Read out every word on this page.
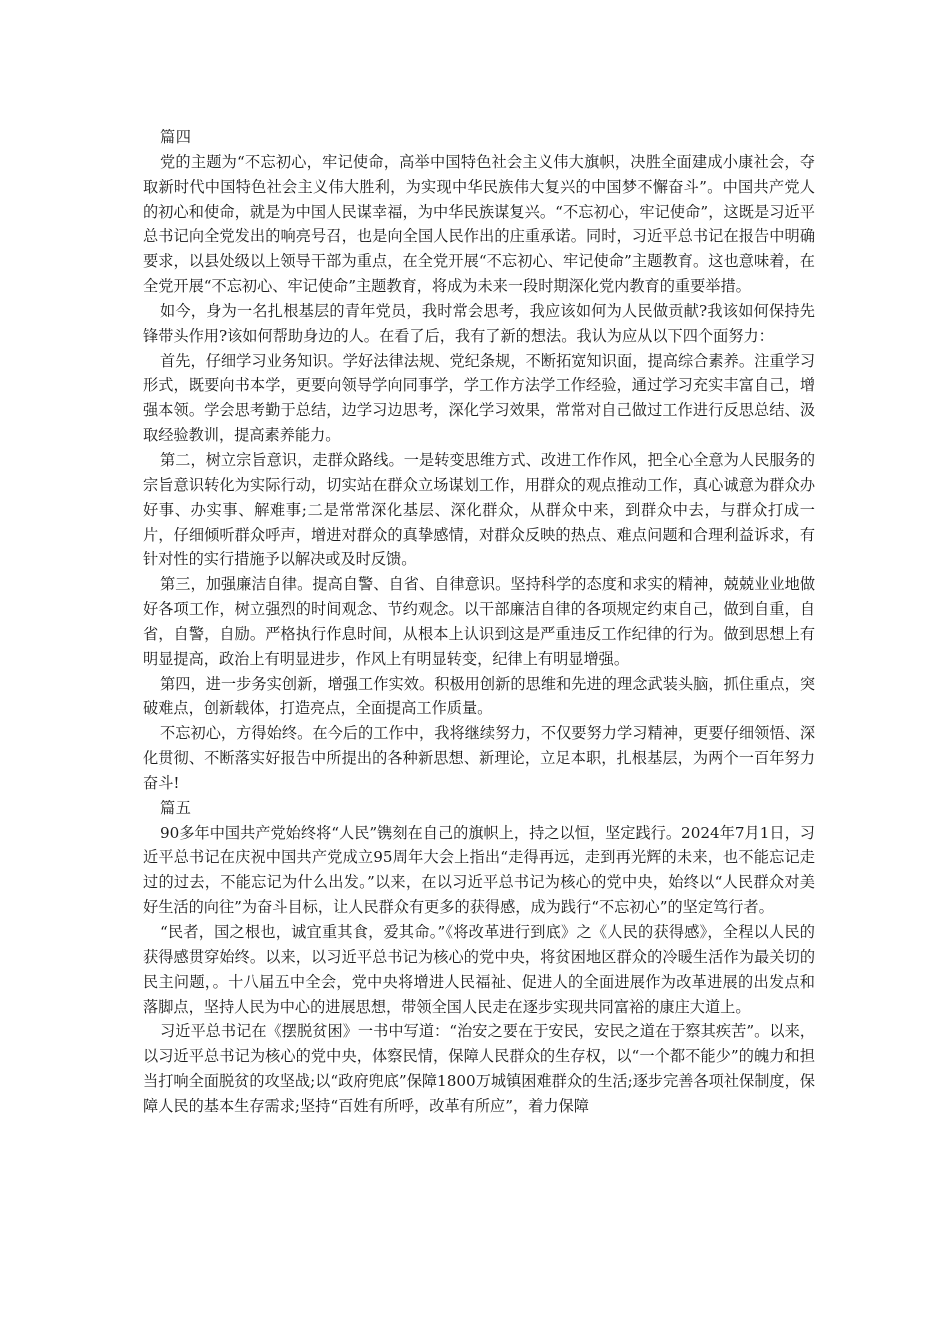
篇四

党的主题为“不忘初心，牢记使命，高举中国特色社会主义伟大旗帜，决胜全面建成小康社会，夺取新时代中国特色社会主义伟大胜利，为实现中华民族伟大复兴的中国梦不懈奋斗”。中国共产党人的初心和使命，就是为中国人民谋幸福，为中华民族谋复兴。“不忘初心，牢记使命”，这既是习近平总书记向全党发出的响亮号召，也是向全国人民作出的庄重承诺。同时，习近平总书记在报告中明确要求，以县处级以上领导干部为重点，在全党开展“不忘初心、牢记使命”主题教育。这也意味着，在全党开展“不忘初心、牢记使命”主题教育，将成为未来一段时期深化党内教育的重要举措。

如今，身为一名扎根基层的青年党员，我时常会思考，我应该如何为人民做贡献?我该如何保持先锋带头作用?该如何帮助身边的人。在看了后，我有了新的想法。我认为应从以下四个面努力：

首先，仔细学习业务知识。学好法律法规、党纪条规，不断拓宽知识面，提高综合素养。注重学习形式，既要向书本学，更要向领导学向同事学，学工作方法学工作经验，通过学习充实丰富自己，增强本领。学会思考勤于总结，边学习边思考，深化学习效果，常常对自己做过工作进行反思总结、汲取经验教训，提高素养能力。

第二，树立宗旨意识，走群众路线。一是转变思维方式、改进工作作风，把全心全意为人民服务的宗旨意识转化为实际行动，切实站在群众立场谋划工作，用群众的观点推动工作，真心诚意为群众办好事、办实事、解难事;二是常常深化基层、深化群众，从群众中来，到群众中去，与群众打成一片，仔细倾听群众呼声，增进对群众的真挚感情，对群众反映的热点、难点问题和合理利益诉求，有针对性的实行措施予以解决或及时反馈。

第三，加强廉洁自律。提高自警、自省、自律意识。坚持科学的态度和求实的精神，兢兢业业地做好各项工作，树立强烈的时间观念、节约观念。以干部廉洁自律的各项规定约束自己，做到自重，自省，自警，自励。严格执行作息时间，从根本上认识到这是严重违反工作纪律的行为。做到思想上有明显提高，政治上有明显进步，作风上有明显转变，纪律上有明显增强。

第四，进一步务实创新，增强工作实效。积极用创新的思维和先进的理念武装头脑，抓住重点，突破难点，创新载体，打造亮点，全面提高工作质量。

不忘初心，方得始终。在今后的工作中，我将继续努力，不仅要努力学习精神，更要仔细领悟、深化贯彻、不断落实好报告中所提出的各种新思想、新理论，立足本职，扎根基层，为两个一百年努力奋斗!

篇五

90多年中国共产党始终将“人民”镌刻在自己的旗帜上，持之以恒，坚定践行。2024年7月1日，习近平总书记在庆祝中国共产党成立95周年大会上指出“走得再远，走到再光辉的未来，也不能忘记走过的过去，不能忘记为什么出发。”以来，在以习近平总书记为核心的党中央，始终以“人民群众对美好生活的向往”为奋斗目标，让人民群众有更多的获得感，成为践行“不忘初心”的坚定笃行者。

“民者，国之根也，诚宜重其食，爱其命。”《将改革进行到底》之《人民的获得感》，全程以人民的获得感贯穿始终。以来，以习近平总书记为核心的党中央，将贫困地区群众的冷暖生活作为最关切的民主问题，。十八届五中全会，党中央将增进人民福祉、促进人的全面进展作为改革进展的出发点和落脚点，坚持人民为中心的进展思想，带领全国人民走在逐步实现共同富裕的康庄大道上。

习近平总书记在《摆脱贫困》一书中写道：“治安之要在于安民，安民之道在于察其疾苦”。以来，以习近平总书记为核心的党中央，体察民情，保障人民群众的生存权，以“一个都不能少”的魄力和担当打响全面脱贫的攻坚战;以“政府兜底”保障1800万城镇困难群众的生活;逐步完善各项社保制度，保障人民的基本生存需求;坚持“百姓有所呼，改革有所应”，着力保障
